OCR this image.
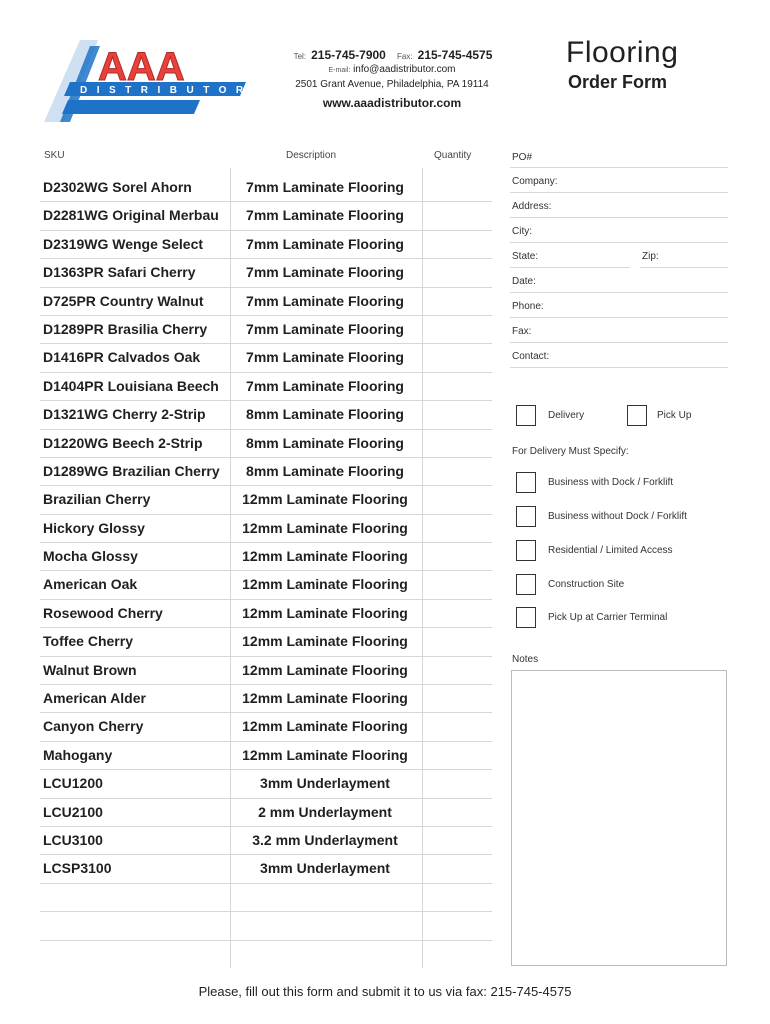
AAA
DISTRIBUTOR
Tel: 215-745-7900 Fax: 215-745-4575
E-mail: info@aadistributor.com
2501 Grant Avenue, Philadelphia, PA 19114
www.aaadistributor.com
Flooring
Order Form
SKU	Description	Quantity
D2302WG Sorel Ahorn	7mm Laminate Flooring
D2281WG Original Merbau	7mm Laminate Flooring
D2319WG Wenge Select	7mm Laminate Flooring
D1363PR Safari Cherry	7mm Laminate Flooring
D725PR Country Walnut	7mm Laminate Flooring
D1289PR Brasilia Cherry	7mm Laminate Flooring
D1416PR Calvados Oak	7mm Laminate Flooring
D1404PR Louisiana Beech	7mm Laminate Flooring
D1321WG Cherry 2-Strip	8mm Laminate Flooring
D1220WG Beech 2-Strip	8mm Laminate Flooring
D1289WG Brazilian Cherry	8mm Laminate Flooring
Brazilian Cherry	12mm Laminate Flooring
Hickory Glossy	12mm Laminate Flooring
Mocha Glossy	12mm Laminate Flooring
American Oak	12mm Laminate Flooring
Rosewood Cherry	12mm Laminate Flooring
Toffee Cherry	12mm Laminate Flooring
Walnut Brown	12mm Laminate Flooring
American Alder	12mm Laminate Flooring
Canyon Cherry	12mm Laminate Flooring
Mahogany	12mm Laminate Flooring
LCU1200	3mm Underlayment
LCU2100	2 mm Underlayment
LCU3100	3.2 mm Underlayment
LCSP3100	3mm Underlayment
PO#
Company:
Address:
City:
State:	Zip:
Date:
Phone:
Fax:
Contact:
Delivery	Pick Up
For Delivery Must Specify:
Business with Dock / Forklift
Business without Dock / Forklift
Residential / Limited Access
Construction Site
Pick Up at Carrier Terminal
Notes
Please, fill out this form and submit it to us via fax: 215-745-4575
